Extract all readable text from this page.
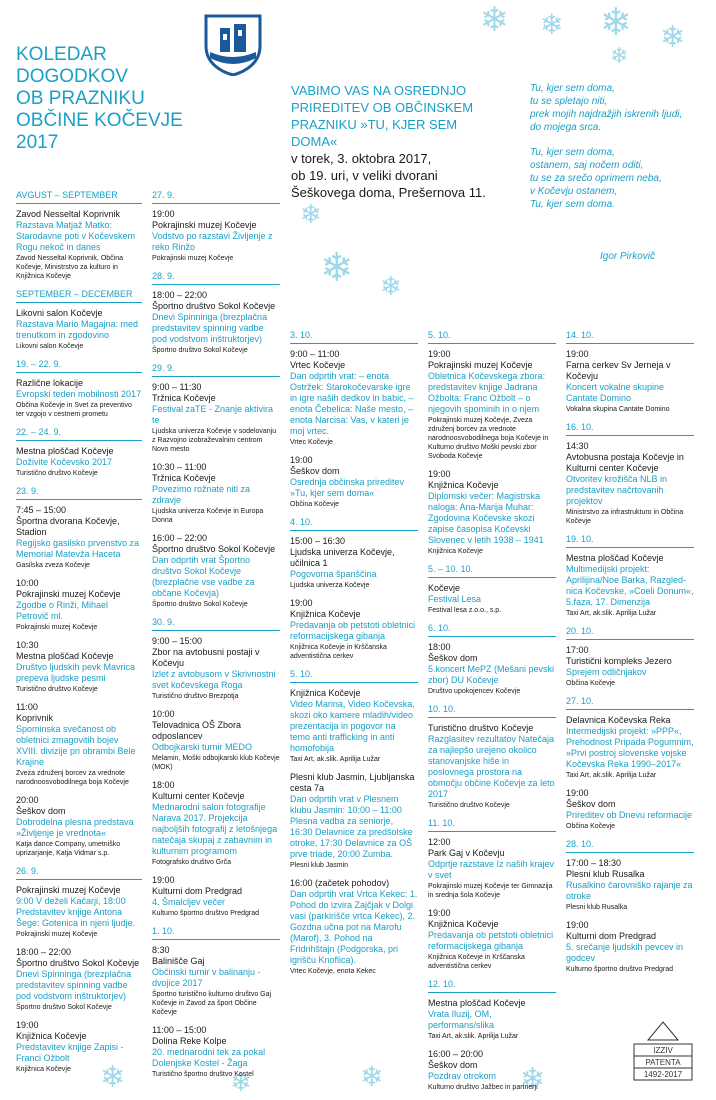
❄ ❄ ❄ ❄
❄
❄
❄ ❄
❄	❄	❄	❄
KOLEDAR
DOGODKOV
OB PRAZNIKU
OBČINE KOČEVJE
2017
VABIMO VAS NA OSREDNJO
PRIREDITEV OB OBČINSKEM
PRAZNIKU »TU, KJER SEM DOMA«
v torek, 3. oktobra 2017,
ob 19. uri, v veliki dvorani
Šeškovega doma, Prešernova 11.
Tu, kjer sem doma,
tu se spletajo niti,
prek mojih najdražjih iskrenih ljudi,
do mojega srca.
Tu, kjer sem doma,
ostanem, saj nočem oditi,
tu se za srečo oprimem neba,
v Kočevju ostanem,
Tu, kjer sem doma.
Igor Pirkovič
AVGUST – SEPTEMBER
Zavod Nesseltal Koprivnik
Razstava Matjaž Matko: Starodavne poti v Kočevskem Rogu nekoč in danes
Zavod Nesseltal Koprivnik, Občina Kočevje, Ministrstvo za kulturo in Knjižnica Kočevje
SEPTEMBER – DECEMBER
Likovni salon Kočevje
Razstava Mario Magajna: med trenutkom in zgodovino
Likovni salon Kočevje
19. – 22. 9.
Različne lokacije
Evropski teden mobilnosti 2017
Občina Kočevje in Svet za preventivo ter vzgojo v cestnem prometu
22. – 24. 9.
Mestna ploščad Kočevje
Doživite Kočevsko 2017
Turistično društvo Kočevje
23. 9.
7:45 – 15:00
Športna dvorana Kočevje, Stadion
Regijsko gasilsko prvenstvo za Memorial Matevža Haceta
Gasilska zveza Kočevje
10:00
Pokrajinski muzej Kočevje
Zgodbe o Rinži, Mihael Petrovič ml.
Pokrajinski muzej Kočevje
10:30
Mestna ploščad Kočevje
Društvo ljudskih pevk Mavrica prepeva ljudske pesmi
Turistično društvo Kočevje
11:00
Koprivnik
Spominska svečanost ob obletnici zmagovitih bojev XVIII. divizije pri obrambi Bele Krajine
Zveza združenj borcev za vrednote narodnoosvobodilnega boja Kočevje
20:00
Šeškov dom
Dobrodelna plesna predstava »Življenje je vrednota«
Katja dance Company, umetniško uprizarjanje, Katja Vidmar s.p.
26. 9.
Pokrajinski muzej Kočevje
9:00 V deželi Kačarji, 18:00 Predstavitev knjige Antona Šege: Gotenica in njeni ljudje.
Pokrajinski muzej Kočevje
18:00 – 22:00
Športno društvo Sokol Kočevje
Dnevi Spinninga (brezplačna predstavitev spinning vadbe pod vodstvom inštruktorjev)
Športno društvo Sokol Kočevje
19:00
Knjižnica Kočevje
Predstavitev knjige Zapisi - Franci Ožbolt
Knjižnica Kočevje
27. 9.
19:00
Pokrajinski muzej Kočevje
Vodstvo po razstavi Življenje z reko Rinžo
Pokrajinski muzej Kočevje
28. 9.
18:00 – 22:00
Športno društvo Sokol Kočevje
Dnevi Spinninga (brezplačna predstavitev spinning vadbe pod vodstvom inštruktorjev)
Športno društvo Sokol Kočevje
29. 9.
9:00 – 11:30
Tržnica Kočevje
Festival zaTE - Znanje aktivira te
Ljudska univerza Kočevje v sodelovanju z Razvojno izobraževalnim centrom Novo mesto
10:30 – 11:00
Tržnica Kočevje
Povezimo rožnate niti za zdravje
Ljudska univerza Kočevje in Europa Donna
16:00 – 22:00
Športno društvo Sokol Kočevje
Dan odprtih vrat Športno društvo Sokol Kočevje (brezplačne vse vadbe za občane Kočevja)
Športno društvo Sokol Kočevje
30. 9.
9:00 – 15:00
Zbor na avtobusni postaji v Kočevju
Izlet z avtobusom v Skrivnostni svet kočevskega Roga
Turistično društvo Brezpotja
10:00
Telovadnica OŠ Zbora odposlancev
Odbojkarski turnir MEDO
Melamin, Moški odbojkarski klub Kočevje (MOK)
18:00
Kulturni center Kočevje
Mednarodni salon fotografije Narava 2017. Projekcija najboljših fotografij z letošnjega natečaja skupaj z zabavnim in kulturnim programom
Fotografsko društvo Grča
19:00
Kulturni dom Predgrad
4. Šmalcljev večer
Kulturno športno društvo Predgrad
1. 10.
8:30
Balinišče Gaj
Občinski turnir v balinanju - dvojice 2017
Športno turistično kulturno društvo Gaj Kočevje in Zavod za šport Občine Kočevje
11:00 – 15:00
Dolina Reke Kolpe
20. mednarodni tek za pokal Dolenjske Kostel - Žaga
Turistično športno društvo Kostel
3. 10.
9:00 – 11:00
Vrtec Kočevje
Dan odprtih vrat: – enota Ostržek: Starokočevarske igre in igre naših dedkov in babic, – enota Čebelica: Naše mesto, – enota Narcisa: Vas, v kateri je moj vrtec.
Vrtec Kočevje
19:00
Šeškov dom
Osrednja občinska prireditev »Tu, kjer sem doma«
Občina Kočevje
4. 10.
15:00 – 16:30
Ljudska univerza Kočevje, učilnica 1
Pogovorna španščina
Ljudska univerza Kočevje
19:00
Knjižnica Kočevje
Predavanja ob petstoti obletnici reformacijskega gibanja
Knjižnica Kočevje in Krščanska adventistična cerkev
5. 10.
Knjižnica Kočevje
Video Marina, Video Kočevska, skozi oko kamere mladih/video prezentacija in pogovor na temo anti trafficking in anti homofobija
Taxi Art, ak.slik. Aprilija Lužar
Plesni klub Jasmin, Ljubljanska cesta 7a
Dan odprtih vrat v Plesnem klubu Jasmin: 10:00 – 11:00 Plesna vadba za seniorje, 16:30 Delavnice za predšolske otroke, 17:30 Delavnice za OŠ prve triade, 20:00 Zumba.
Plesni klub Jasmin
16:00 (začetek pohodov)
Dan odprtih vrat Vrtca Kekec: 1. Pohod do izvira Zajčjak v Dolgi vasi (parkirišče vrtca Kekec), 2. Gozdna učna pot na Marofu (Marof), 3. Pohod na Fridrihštajn (Podgorska, pri igrišču Knoflica).
Vrtec Kočevje, enota Kekec
5. 10.
19:00
Pokrajinski muzej Kočevje
Obletnica Kočevskega zbora: predstavitev knjige Jadrana Ožbolta: Franc Ožbolt – o njegovih spominih in o njem
Pokrajinski muzej Kočevje, Zveza združenj borcev za vrednote narodnoosvobodilnega boja Kočevje in Kulturno društvo Moški pevski zbor Svoboda Kočevje
19:00
Knjižnica Kočevje
Diplomski večer: Magistrska naloga: Ana-Marija Muhar: Zgodovina Kočevske skozi zapise časopisa Kočevski Slovenec v letih 1938 – 1941
Knjižnica Kočevje
5. – 10. 10.
Kočevje
Festival Lesa
Festival lesa z.o.o., s.p.
6. 10.
18:00
Šeškov dom
5.koncert MePZ (Mešani pevski zbor) DU Kočevje
Društvo upokojencev Kočevje
10. 10.
Turistično društvo Kočevje
Razglasitev rezultatov Natečaja za najlepšo urejeno okolico stanovanjske hiše in poslovnega prostora na območju občine Kočevje za leto 2017
Turistično društvo Kočevje
11. 10.
12:00
Park Gaj v Kočevju
Odprtje razstave Iz naših krajev v svet
Pokrajinski muzej Kočevje ter Gimnazija in srednja šola Kočevje
19:00
Knjižnica Kočevje
Predavanja ob petstoti obletnici reformacijskega gibanja
Knjižnica Kočevje in Krščanska adventistična cerkev
12. 10.
Mestna ploščad Kočevje
Vrata Iluzij, OM, performans/slika
Taxi Art, ak.slik. Aprilija Lužar
16:00 – 20:00
Šeškov dom
Pozdrav otrokom
Kulturno društvo Jažbec in partnerji
14. 10.
19:00
Farna cerkev Sv Jerneja v Kočevju
Koncert vokalne skupine Cantate Domino
Vokalna skupina Cantate Domino
16. 10.
14:30
Avtobusna postaja Kočevje in Kulturni center Kočevje
Otvoritev krožišča NLB in predstavitev načrtovanih projektov
Ministrstvo za infrastrukturo in Občina Kočevje
19. 10.
Mestna ploščad Kočevje
Multimedijski projekt: Aprilijina/Noe Barka, Razgled-nica Kočevske, »Coeli Donum«, 5.faza, 17. Dimenzija
Taxi Art, ak.slik. Aprilija Lužar
20. 10.
17:00
Turistični kompleks Jezero
Sprejem odličnjakov
Občina Kočevje
27. 10.
Delavnica Kočevska Reka
Intermedijski projekt: »PPP«, Prehodnost Pripada Pogumnim, »Prvi postroj slovenske vojske Kočevska Reka 1990–2017«
Taxi Art, ak.slik. Aprilija Lužar
19:00
Šeškov dom
Prireditev ob Dnevu reformacije
Občina Kočevje
28. 10.
17:00 – 18:30
Plesni klub Rusalka
Rusalkino čarovniško rajanje za otroke
Plesni klub Rusalka
19:00
Kulturni dom Predgrad
5. srečanje ljudskih pevcev in godcev
Kulturno športno društvo Predgrad
IZZIV
PATENTA
1492-2017
